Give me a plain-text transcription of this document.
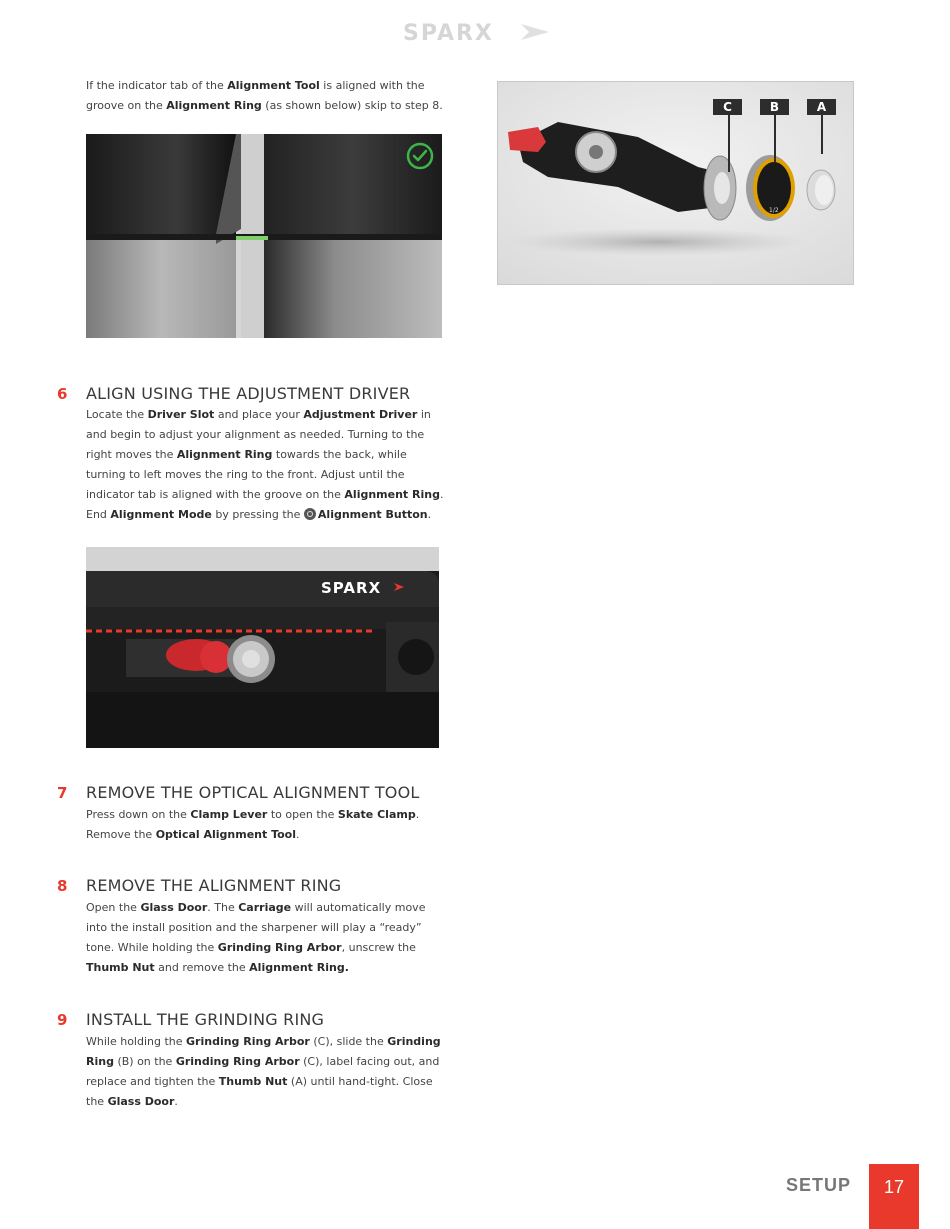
SPARX
If the indicator tab of the Alignment Tool is aligned with the groove on the Alignment Ring (as shown below) skip to step 8.
1/2
C	B	A
6 ALIGN USING THE ADJUSTMENT DRIVER
Locate the Driver Slot and place your Adjustment Driver in and begin to adjust your alignment as needed. Turning to the right moves the Alignment Ring towards the back, while turning to left moves the ring to the front. Adjust until the indicator tab is aligned with the groove on the Alignment Ring. End Alignment Mode by pressing the Alignment Button.
SPARX
7 REMOVE THE OPTICAL ALIGNMENT TOOL
Press down on the Clamp Lever to open the Skate Clamp. Remove the Optical Alignment Tool.
8 REMOVE THE ALIGNMENT RING
Open the Glass Door. The Carriage will automatically move into the install position and the sharpener will play a “ready” tone. While holding the Grinding Ring Arbor, unscrew the Thumb Nut and remove the Alignment Ring.
9 INSTALL THE GRINDING RING
While holding the Grinding Ring Arbor (C), slide the Grinding Ring (B) on the Grinding Ring Arbor (C), label facing out, and replace and tighten the Thumb Nut (A) until hand-tight. Close the Glass Door.
SETUP	17
